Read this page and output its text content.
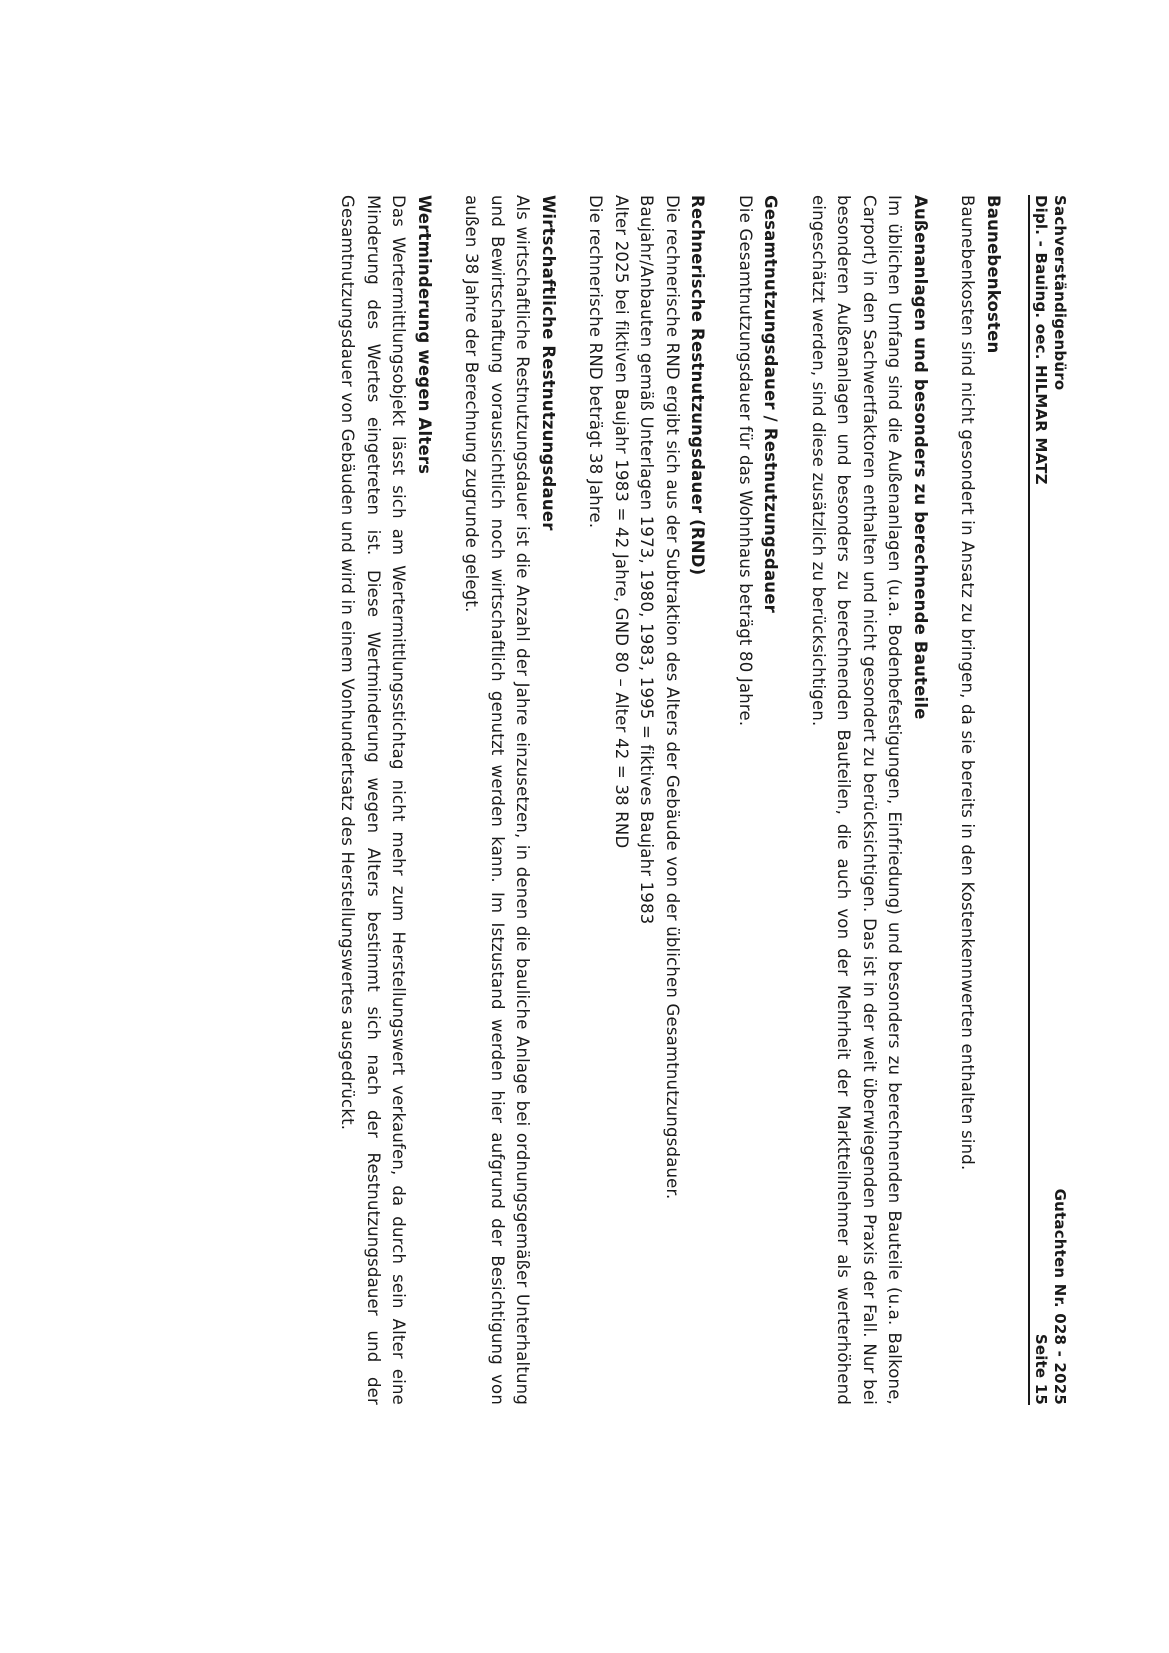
Sachverständigenbüro
Dipl. - Bauing. oec. HILMAR MATZ
Gutachten Nr. 028 - 2025
Seite 15
Baunebenkosten

Baunebenkosten sind nicht gesondert in Ansatz zu bringen, da sie bereits in den Kostenkennwerten enthalten sind.

Außenanlagen und besonders zu berechnende Bauteile

Im üblichen Umfang sind die Außenanlagen (u.a. Bodenbefestigungen, Einfriedung) und besonders zu berechnenden Bauteile (u.a. Balkone, Carport) in den Sachwertfaktoren enthalten und nicht gesondert zu berücksichtigen. Das ist in der weit überwiegenden Praxis der Fall. Nur bei besonderen Außenanlagen und besonders zu berechnenden Bauteilen, die auch von der Mehrheit der Marktteilnehmer als werterhöhend eingeschätzt werden, sind diese zusätzlich zu berücksichtigen.

Gesamtnutzungsdauer / Restnutzungsdauer

Die Gesamtnutzungsdauer für das Wohnhaus beträgt 80 Jahre.

Rechnerische Restnutzungsdauer (RND)

Die rechnerische RND ergibt sich aus der Subtraktion des Alters der Gebäude von der üblichen Gesamtnutzungsdauer.

Baujahr/Anbauten gemäß Unterlagen 1973, 1980, 1983, 1995 = fiktives Baujahr 1983
Alter 2025 bei fiktiven Baujahr 1983 = 42 Jahre, GND 80 – Alter 42 = 38 RND
Die rechnerische RND beträgt 38 Jahre.
Wirtschaftliche Restnutzungsdauer

Als wirtschaftliche Restnutzungsdauer ist die Anzahl der Jahre einzusetzen, in denen die bauliche Anlage bei ordnungsgemäßer Unterhaltung und Bewirtschaftung voraussichtlich noch wirtschaftlich genutzt werden kann. Im Istzustand werden hier aufgrund der Besichtigung von außen 38 Jahre der Berechnung zugrunde gelegt.

Wertminderung wegen Alters

Das Wertermittlungsobjekt lässt sich am Wertermittlungsstichtag nicht mehr zum Herstellungswert verkaufen, da durch sein Alter eine Minderung des Wertes eingetreten ist. Diese Wertminderung wegen Alters bestimmt sich nach der Restnutzungsdauer und der Gesamtnutzungsdauer von Gebäuden und wird in einem Vonhundertsatz des Herstellungswertes ausgedrückt.
